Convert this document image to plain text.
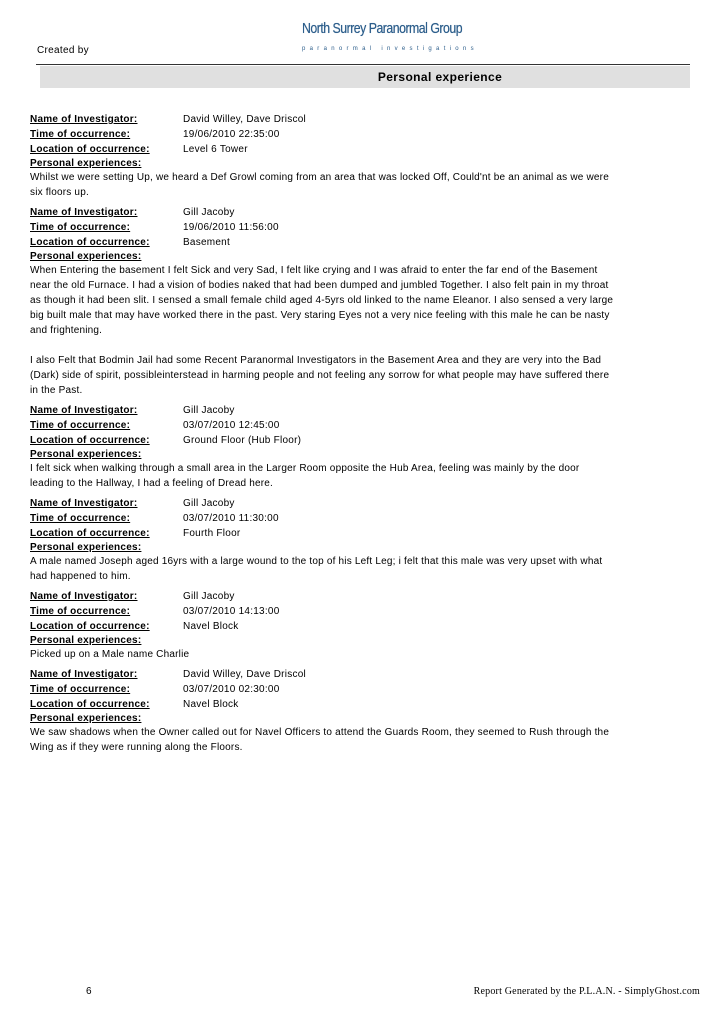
Created by
North Surrey Paranormal Group
paranormal investigations
Personal experience
Name of Investigator:	David Willey, Dave Driscol
Time of occurrence:	19/06/2010 22:35:00
Location of occurrence:	Level 6 Tower
Personal experiences:

Whilst we were setting Up, we heard a Def Growl coming from an area that was locked Off, Could'nt be an animal as we were six floors up.

Name of Investigator:	Gill Jacoby
Time of occurrence:	19/06/2010 11:56:00
Location of occurrence:	Basement
Personal experiences:

When Entering the basement I felt Sick and very Sad, I felt like crying and I was afraid to enter the far end of the Basement near the old Furnace. I had a vision of bodies naked that had been dumped and jumbled Together. I also felt pain in my throat as though it had been slit. I sensed a small female child aged 4-5yrs old linked to the name Eleanor. I also sensed a very large big built male that may have worked there in the past. Very staring Eyes not a very nice feeling with this male he can be nasty and frightening.

I also Felt that Bodmin Jail had some Recent Paranormal Investigators in the Basement Area and they are very into the Bad (Dark) side of spirit, possibleinterstead in harming people and not feeling any sorrow for what people may have suffered there in the Past.

Name of Investigator:	Gill Jacoby
Time of occurrence:	03/07/2010 12:45:00
Location of occurrence:	Ground Floor (Hub Floor)
Personal experiences:

I felt sick when walking through a small area in the Larger Room opposite the Hub Area, feeling was mainly by the door leading to the Hallway, I had a feeling of Dread here.

Name of Investigator:	Gill Jacoby
Time of occurrence:	03/07/2010 11:30:00
Location of occurrence:	Fourth Floor
Personal experiences:

A male named Joseph aged 16yrs with a large wound to the top of his Left Leg; i felt that this male was very upset with what had happened to him.

Name of Investigator:	Gill Jacoby
Time of occurrence:	03/07/2010 14:13:00
Location of occurrence:	Navel Block
Personal experiences:

Picked up on a Male name Charlie

Name of Investigator:	David Willey, Dave Driscol
Time of occurrence:	03/07/2010 02:30:00
Location of occurrence:	Navel Block
Personal experiences:

We saw shadows when the Owner called out for Navel Officers to attend the Guards Room, they seemed to Rush through the Wing as if they were running along the Floors.

6	Report Generated by the P.L.A.N. - SimplyGhost.com
